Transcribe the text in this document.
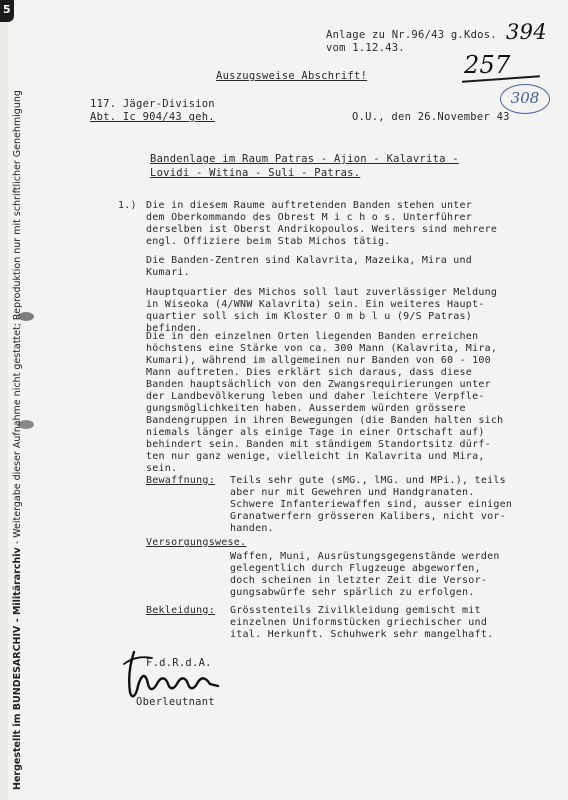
5
Hergestellt im BUNDESARCHIV - Militärarchiv - Weitergabe dieser Aufnahme nicht gestattet; Reproduktion nur mit schriftlicher Genehmigung
Anlage zu Nr.96/43 g.Kdos.
vom 1.12.43.
394
257
308
Auszugsweise Abschrift!
117. Jäger-Division
Abt. Ic 904/43 geh.	O.U., den 26.November 43
Bandenlage im Raum Patras - Ajion - Kalavrita -
Lovidi - Witina - Suli - Patras.
1.) Die in diesem Raume auftretenden Banden stehen unter
dem Oberkommando des Obrest M i c h o s. Unterführer
derselben ist Oberst Andrikopoulos. Weiters sind mehrere
engl. Offiziere beim Stab Michos tätig.
Die Banden-Zentren sind Kalavrita, Mazeika, Mira und
Kumari.
Hauptquartier des Michos soll laut zuverlässiger Meldung
in Wiseoka (4/WNW Kalavrita) sein. Ein weiteres Haupt-
quartier soll sich im Kloster O m b l u (9/S Patras)
befinden.
Die in den einzelnen Orten liegenden Banden erreichen
höchstens eine Stärke von ca. 300 Mann (Kalavrita, Mira,
Kumari), während im allgemeinen nur Banden von 60 - 100
Mann auftreten. Dies erklärt sich daraus, dass diese
Banden hauptsächlich von den Zwangsrequirierungen unter
der Landbevölkerung leben und daher leichtere Verpfle-
gungsmöglichkeiten haben. Ausserdem würden grössere
Bandengruppen in ihren Bewegungen (die Banden halten sich
niemals länger als einige Tage in einer Ortschaft auf)
behindert sein. Banden mit ständigem Standortsitz dürf-
ten nur ganz wenige, vielleicht in Kalavrita und Mira,
sein.
Bewaffnung: Teils sehr gute (sMG., lMG. und MPi.), teils
aber nur mit Gewehren und Handgranaten.
Schwere Infanteriewaffen sind, ausser einigen
Granatwerfern grösseren Kalibers, nicht vor-
handen.
Versorgungswese.
Waffen, Muni, Ausrüstungsgegenstände werden
gelegentlich durch Flugzeuge abgeworfen,
doch scheinen in letzter Zeit die Versor-
gungsabwürfe sehr spärlich zu erfolgen.
Bekleidung: Grösstenteils Zivilkleidung gemischt mit
einzelnen Uniformstücken griechischer und
ital. Herkunft. Schuhwerk sehr mangelhaft.
F.d.R.d.A.
Oberleutnant
